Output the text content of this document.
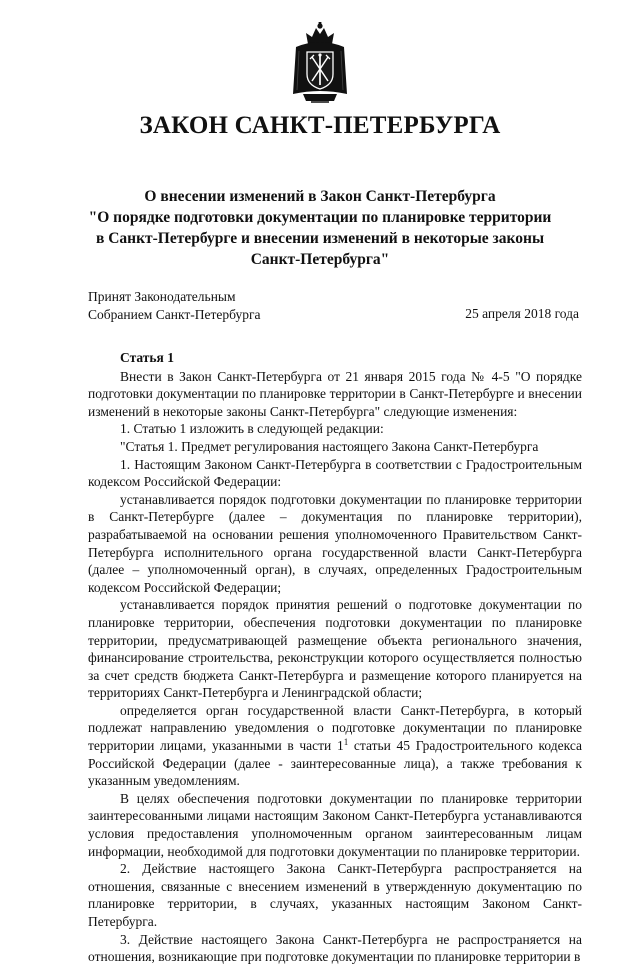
ЗАКОН САНКТ-ПЕТЕРБУРГА
О внесении изменений в Закон Санкт-Петербурга
"О порядке подготовки документации по планировке территории
в Санкт-Петербурге и внесении изменений в некоторые законы
Санкт-Петербурга"
Принят Законодательным
Собранием Санкт-Петербурга	25 апреля 2018 года

Статья 1

Внести в Закон Санкт-Петербурга от 21 января 2015 года № 4-5 "О порядке подготовки документации по планировке территории в Санкт-Петербурге и внесении изменений в некоторые законы Санкт-Петербурга" следующие изменения:

1. Статью 1 изложить в следующей редакции:

"Статья 1. Предмет регулирования настоящего Закона Санкт-Петербурга

1. Настоящим Законом Санкт-Петербурга в соответствии с Градостроительным кодексом Российской Федерации:

устанавливается порядок подготовки документации по планировке территории в Санкт-Петербурге (далее – документация по планировке территории), разрабатываемой на основании решения уполномоченного Правительством Санкт-Петербурга исполнительного органа государственной власти Санкт-Петербурга (далее – уполномоченный орган), в случаях, определенных Градостроительным кодексом Российской Федерации;

устанавливается порядок принятия решений о подготовке документации по планировке территории, обеспечения подготовки документации по планировке территории, предусматривающей размещение объекта регионального значения, финансирование строительства, реконструкции которого осуществляется полностью за счет средств бюджета Санкт-Петербурга и размещение которого планируется на территориях Санкт-Петербурга и Ленинградской области;

определяется орган государственной власти Санкт-Петербурга, в который подлежат направлению уведомления о подготовке документации по планировке территории лицами, указанными в части $1^1$ статьи 45 Градостроительного кодекса Российской Федерации (далее - заинтересованные лица), а также требования к указанным уведомлениям.

В целях обеспечения подготовки документации по планировке территории заинтересованными лицами настоящим Законом Санкт-Петербурга устанавливаются условия предоставления уполномоченным органом заинтересованным лицам информации, необходимой для подготовки документации по планировке территории.

2. Действие настоящего Закона Санкт-Петербурга распространяется на отношения, связанные с внесением изменений в утвержденную документацию по планировке территории, в случаях, указанных настоящим Законом Санкт-Петербурга.

3. Действие настоящего Закона Санкт-Петербурга не распространяется на отношения, возникающие при подготовке документации по планировке территории в
